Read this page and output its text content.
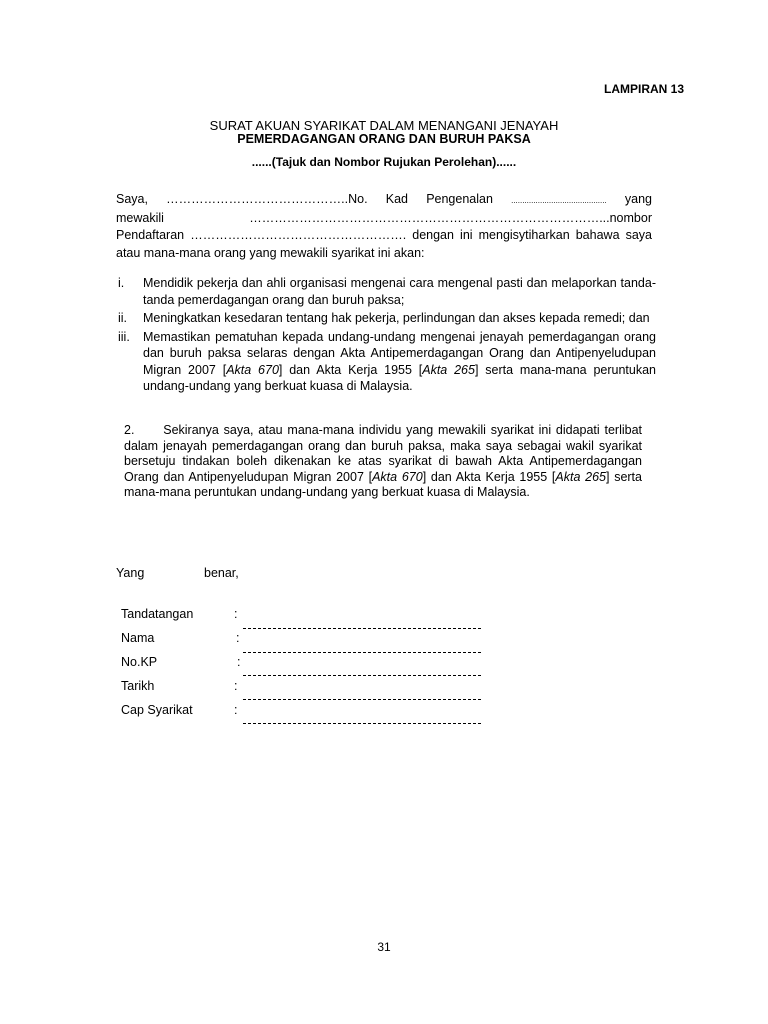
LAMPIRAN 13
SURAT AKUAN SYARIKAT DALAM MENANGANI JENAYAH
PEMERDAGANGAN ORANG DAN BURUH PAKSA
......(Tajuk dan Nombor Rujukan Perolehan)......
Saya, ……………………………………..No. Kad Pengenalan ........................................... yang
mewakili	…………………………………………………………………………...nombor
Pendaftaran ……………………………………………. dengan ini mengisytiharkan bahawa saya
atau mana-mana orang yang mewakili syarikat ini akan:
i. Mendidik pekerja dan ahli organisasi mengenai cara mengenal pasti dan melaporkan tanda-tanda pemerdagangan orang dan buruh paksa;
ii. Meningkatkan kesedaran tentang hak pekerja, perlindungan dan akses kepada remedi; dan
iii. Memastikan pematuhan kepada undang-undang mengenai jenayah pemerdagangan orang dan buruh paksa selaras dengan Akta Antipemerdagangan Orang dan Antipenyeludupan Migran 2007 [Akta 670] dan Akta Kerja 1955 [Akta 265] serta mana-mana peruntukan undang-undang yang berkuat kuasa di Malaysia.
2. Sekiranya saya, atau mana-mana individu yang mewakili syarikat ini didapati terlibat dalam jenayah pemerdagangan orang dan buruh paksa, maka saya sebagai wakil syarikat bersetuju tindakan boleh dikenakan ke atas syarikat di bawah Akta Antipemerdagangan Orang dan Antipenyeludupan Migran 2007 [Akta 670] dan Akta Kerja 1955 [Akta 265] serta mana-mana peruntukan undang-undang yang berkuat kuasa di Malaysia.
Yang	benar,
Tandatangan	:
Nama	:
No.KP	:
Tarikh	:
Cap Syarikat	:
31
